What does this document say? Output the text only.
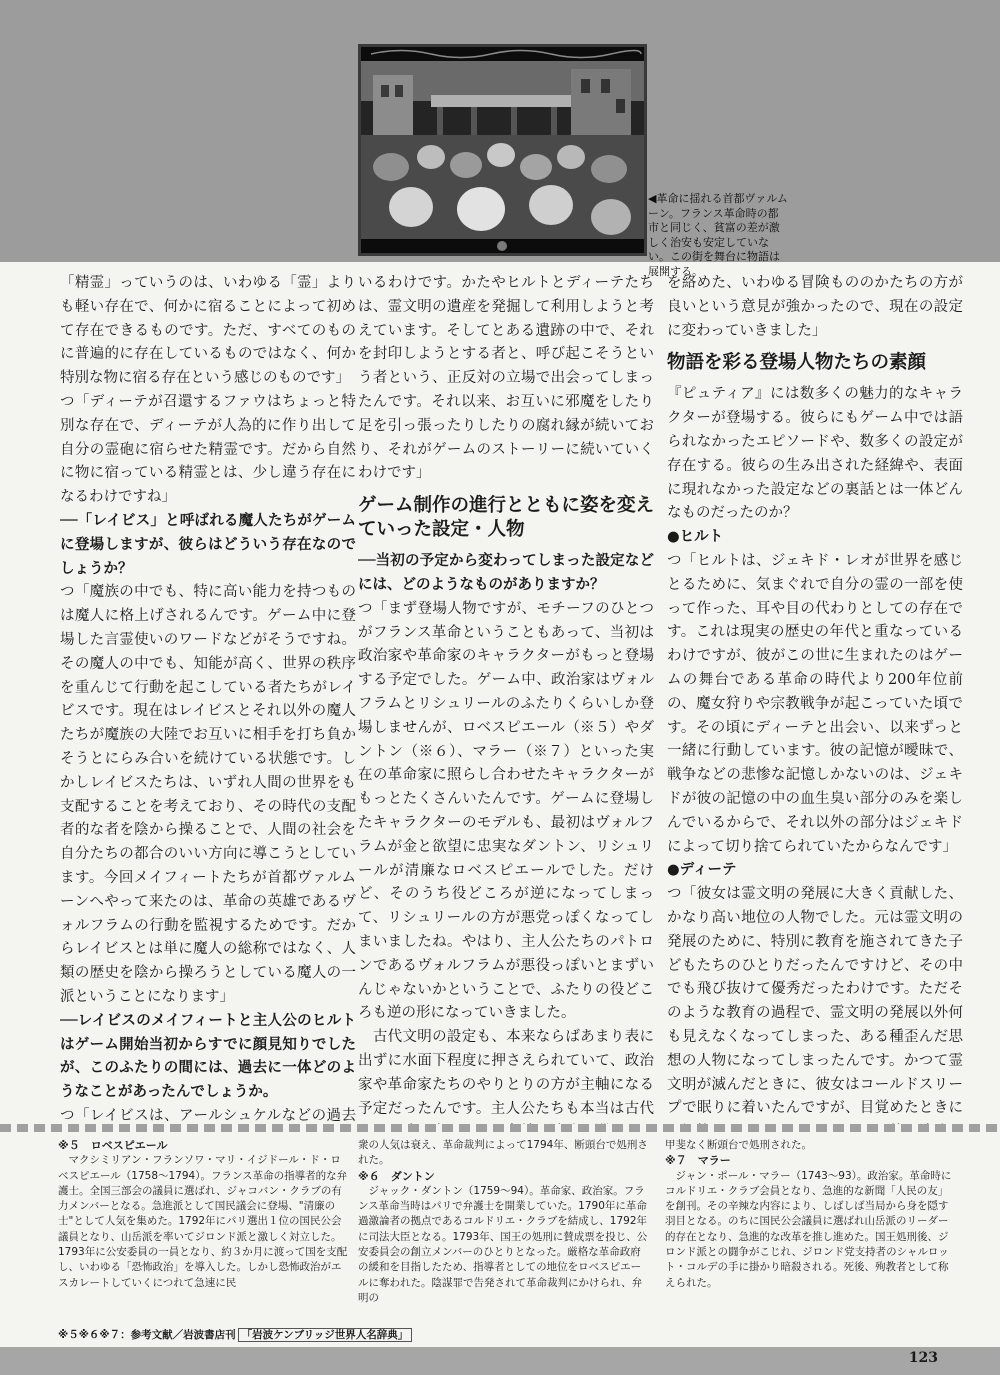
◀革命に揺れる首都ヴァルムーン。フランス革命時の都市と同じく、貧富の差が激しく治安も安定していない。この街を舞台に物語は展開する。

「精霊」っていうのは、いわゆる「霊」よりも軽い存在で、何かに宿ることによって初めて存在できるものです。ただ、すべてのものに普遍的に存在しているものではなく、何か特別な物に宿る存在という感じのものです」

つ「ディーテが召還するファウはちょっと特別な存在で、ディーテが人為的に作り出して自分の霊砲に宿らせた精霊です。だから自然に物に宿っている精霊とは、少し違う存在になるわけですね」

──「レイビス」と呼ばれる魔人たちがゲームに登場しますが、彼らはどういう存在なのでしょうか？

つ「魔族の中でも、特に高い能力を持つものは魔人に格上げされるんです。ゲーム中に登場した言霊使いのワードなどがそうですね。その魔人の中でも、知能が高く、世界の秩序を重んじて行動を起こしている者たちがレイビスです。現在はレイビスとそれ以外の魔人たちが魔族の大陸でお互いに相手を打ち負かそうとにらみ合いを続けている状態です。しかしレイビスたちは、いずれ人間の世界をも支配することを考えており、その時代の支配者的な者を陰から操ることで、人間の社会を自分たちの都合のいい方向に導こうとしています。今回メイフィートたちが首都ヴァルムーンへやって来たのは、革命の英雄であるヴォルフラムの行動を監視するためです。だからレイビスとは単に魔人の総称ではなく、人類の歴史を陰から操ろうとしている魔人の一派ということになります」

──レイビスのメイフィートと主人公のヒルトはゲーム開始当初からすでに顔見知りでしたが、このふたりの間には、過去に一体どのようなことがあったんでしょうか。

つ「レイビスは、アールシュケルなどの過去

いるわけです。かたやヒルトとディーテたちは、霊文明の遺産を発掘して利用しようと考えています。そしてとある遺跡の中で、それを封印しようとする者と、呼び起こそうという者という、正反対の立場で出会ってしまったんです。それ以来、お互いに邪魔をしたり足を引っ張ったりしたりの腐れ縁が続いており、それがゲームのストーリーに続いていくわけです」

ゲーム制作の進行とともに姿を変えていった設定・人物

──当初の予定から変わってしまった設定などには、どのようなものがありますか？

つ「まず登場人物ですが、モチーフのひとつがフランス革命ということもあって、当初は政治家や革命家のキャラクターがもっと登場する予定でした。ゲーム中、政治家はヴォルフラムとリシュリールのふたりくらいしか登場しませんが、ロベスピエール（※５）やダントン（※６）、マラー（※７）といった実在の革命家に照らし合わせたキャラクターがもっとたくさんいたんです。ゲームに登場したキャラクターのモデルも、最初はヴォルフラムが金と欲望に忠実なダントン、リシュリールが清廉なロベスピエールでした。だけど、そのうち役どころが逆になってしまって、リシュリールの方が悪党っぽくなってしまいましたね。やはり、主人公たちのパトロンであるヴォルフラムが悪役っぽいとまずいんじゃないかということで、ふたりの役どころも逆の形になっていきました。

　古代文明の設定も、本来ならばあまり表に出ずに水面下程度に押さえられていて、政治家や革命家たちのやりとりの方が主軸になる予定だったんです。主人公たちも本当は古代

を絡めた、いわゆる冒険もののかたちの方が良いという意見が強かったので、現在の設定に変わっていきました」

物語を彩る登場人物たちの素顔

『ピュティア』には数多くの魅力的なキャラクターが登場する。彼らにもゲーム中では語られなかったエピソードや、数多くの設定が存在する。彼らの生み出された経緯や、表面に現れなかった設定などの裏話とは一体どんなものだったのか？

●ヒルト

つ「ヒルトは、ジェキド・レオが世界を感じとるために、気まぐれで自分の霊の一部を使って作った、耳や目の代わりとしての存在です。これは現実の歴史の年代と重なっているわけですが、彼がこの世に生まれたのはゲームの舞台である革命の時代より200年位前の、魔女狩りや宗教戦争が起こっていた頃です。その頃にディーテと出会い、以来ずっと一緒に行動しています。彼の記憶が曖昧で、戦争などの悲惨な記憶しかないのは、ジェキドが彼の記憶の中の血生臭い部分のみを楽しんでいるからで、それ以外の部分はジェキドによって切り捨てられていたからなんです」

●ディーテ

つ「彼女は霊文明の発展に大きく貢献した、かなり高い地位の人物でした。元は霊文明の発展のために、特別に教育を施されてきた子どもたちのひとりだったんですけど、その中でも飛び抜けて優秀だったわけです。ただそのような教育の過程で、霊文明の発展以外何も見えなくなってしまった、ある種歪んだ思想の人物になってしまったんです。かつて霊文明が滅んだときに、彼女はコールドスリープで眠りに着いたんですが、目覚めたときに

※５　ロベスピエール

　マクシミリアン・フランソワ・マリ・イジドール・ド・ロベスピエール（1758〜1794）。フランス革命の指導者的な弁護士。全国三部会の議員に選ばれ、ジャコバン・クラブの有力メンバーとなる。急進派として国民議会に登場、"清廉の士"として人気を集めた。1792年にパリ選出１位の国民公会議員となり、山岳派を率いてジロンド派と激しく対立した。1793年に公安委員の一員となり、約３か月に渡って国を支配し、いわゆる「恐怖政治」を導入した。しかし恐怖政治がエスカレートしていくにつれて急速に民

衆の人気は衰え、革命裁判によって1794年、断頭台で処刑された。

※６　ダントン

　ジャック・ダントン（1759〜94）。革命家、政治家。フランス革命当時はパリで弁護士を開業していた。1790年に革命過激論者の拠点であるコルドリエ・クラブを結成し、1792年に司法大臣となる。1793年、国王の処刑に賛成票を投じ、公安委員会の創立メンバーのひとりとなった。厳格な革命政府の緩和を目指したため、指導者としての地位をロベスピエールに奪われた。陰謀罪で告発されて革命裁判にかけられ、弁明の

甲斐なく断頭台で処刑された。

※７　マラー

　ジャン・ポール・マラー（1743〜93）。政治家。革命時にコルドリエ・クラブ会員となり、急進的な新聞「人民の友」を創刊。その辛辣な内容により、しばしば当局から身を隠す羽目となる。のちに国民公会議員に選ばれ山岳派のリーダー的存在となり、急進的な改革を推し進めた。国王処刑後、ジロンド派との闘争がこじれ、ジロンド党支持者のシャルロット・コルデの手に掛かり暗殺される。死後、殉教者として称えられた。

※５※６※７：参考文献／岩波書店刊 「岩波ケンブリッジ世界人名辞典」
123
